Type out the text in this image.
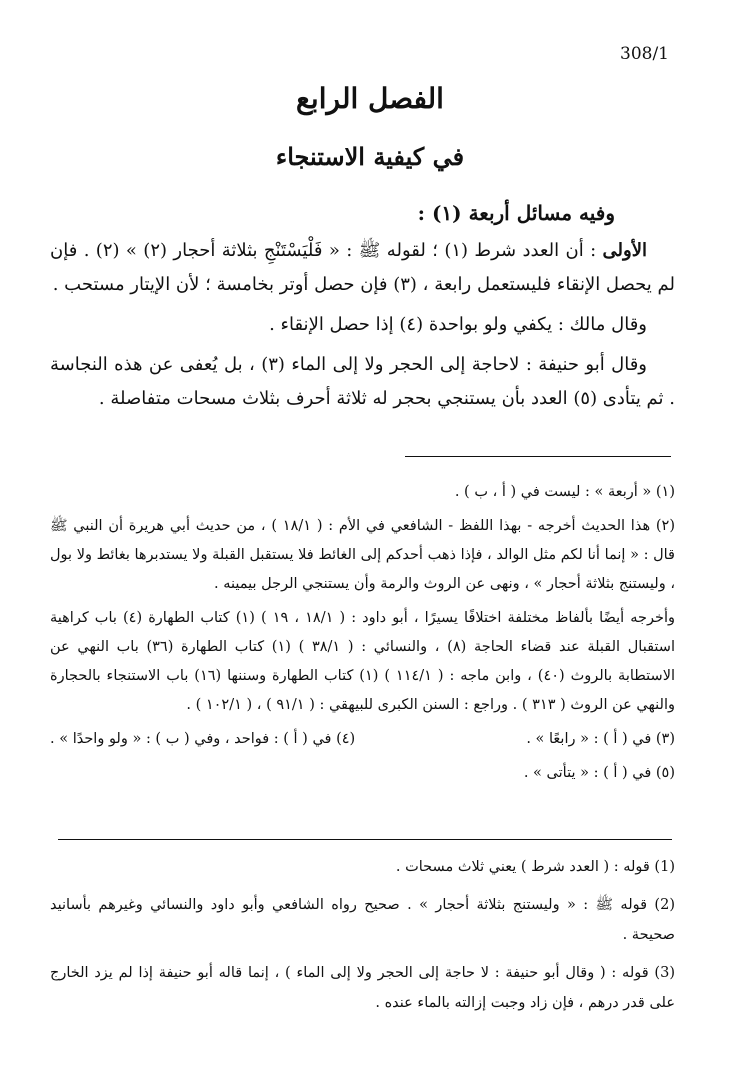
308/1
الفصل الرابع
في كيفية الاستنجاء

وفيه مسائل أربعة (١) :

الأولى : أن العدد شرط (١) ؛ لقوله ﷺ : « فَلْيَسْتَنْجِ بثلاثة أحجار (٢) » (٢) . فإن لم يحصل الإنقاء فليستعمل رابعة ، (٣) فإن حصل أوتر بخامسة ؛ لأن الإيتار مستحب .

وقال مالك : يكفي ولو بواحدة (٤) إذا حصل الإنقاء .

وقال أبو حنيفة : لاحاجة إلى الحجر ولا إلى الماء (٣) ، بل يُعفى عن هذه النجاسة . ثم يتأدى (٥) العدد بأن يستنجي بحجر له ثلاثة أحرف بثلاث مسحات متفاصلة .

(١) « أربعة » : ليست في ( أ ، ب ) .

(٢) هذا الحديث أخرجه - بهذا اللفظ - الشافعي في الأم : ( ١٨/١ ) ، من حديث أبي هريرة أن النبي ﷺ قال : « إنما أنا لكم مثل الوالد ، فإذا ذهب أحدكم إلى الغائط فلا يستقبل القبلة ولا يستدبرها بغائط ولا بول ، وليستنج بثلاثة أحجار » ، ونهى عن الروث والرمة وأن يستنجي الرجل بيمينه .

وأخرجه أيضًا بألفاظ مختلفة اختلافًا يسيرًا ، أبو داود : ( ١٨/١ ، ١٩ ) (١) كتاب الطهارة (٤) باب كراهية استقبال القبلة عند قضاء الحاجة (٨) ، والنسائي : ( ٣٨/١ ) (١) كتاب الطهارة (٣٦) باب النهي عن الاستطابة بالروث (٤٠) ، وابن ماجه : ( ١١٤/١ ) (١) كتاب الطهارة وسننها (١٦) باب الاستنجاء بالحجارة والنهي عن الروث ( ٣١٣ ) . وراجع : السنن الكبرى للبيهقي : ( ٩١/١ ) ، ( ١٠٢/١ ) .

(٣) في ( أ ) : « رابعًا » .
(٤) في ( أ ) : فواحد ، وفي ( ب ) : « ولو واحدًا » .

(٥) في ( أ ) : « يتأتى » .

(1) قوله : ( العدد شرط ) يعني ثلاث مسحات .

(2) قوله ﷺ : « وليستنج بثلاثة أحجار » . صحيح رواه الشافعي وأبو داود والنسائي وغيرهم بأسانيد صحيحة .

(3) قوله : ( وقال أبو حنيفة : لا حاجة إلى الحجر ولا إلى الماء ) ، إنما قاله أبو حنيفة إذا لم يزد الخارج على قدر درهم ، فإن زاد وجبت إزالته بالماء عنده .
